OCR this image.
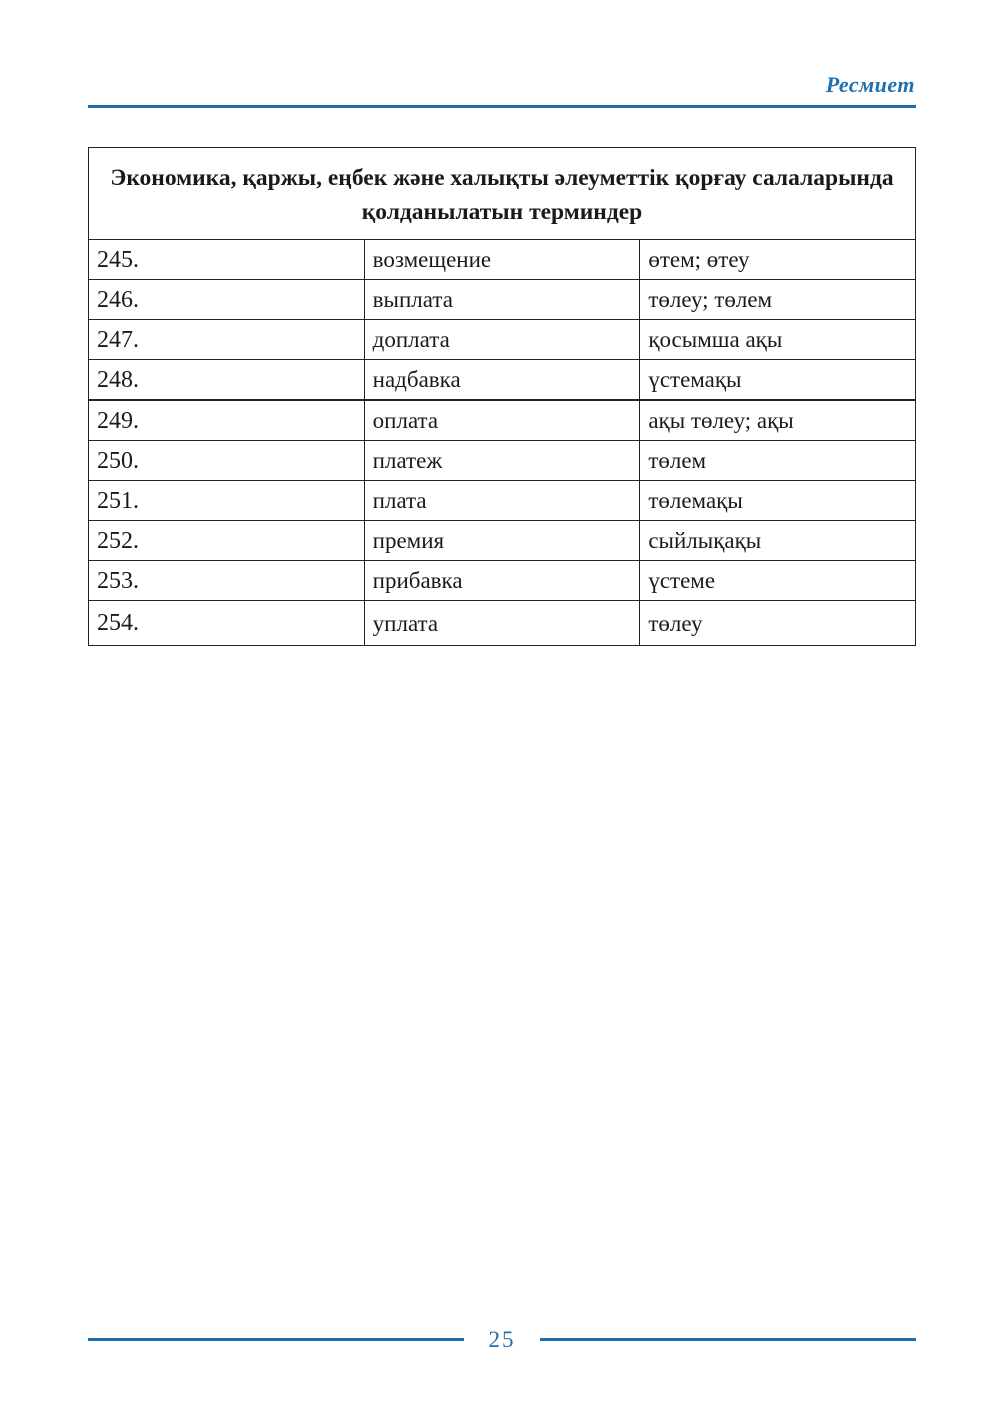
Ресмиет
Экономика, қаржы, еңбек және халықты әлеуметтік қорғау салаларында қолданылатын терминдер		
245.	возмещение	өтем; өтеу
246.	выплата	төлеу; төлем
247.	доплата	қосымша ақы
248.	надбавка	үстемақы
249.	оплата	ақы төлеу; ақы
250.	платеж	төлем
251.	плата	төлемақы
252.	премия	сыйлықақы
253.	прибавка	үстеме
254.	уплата	төлеу
25
